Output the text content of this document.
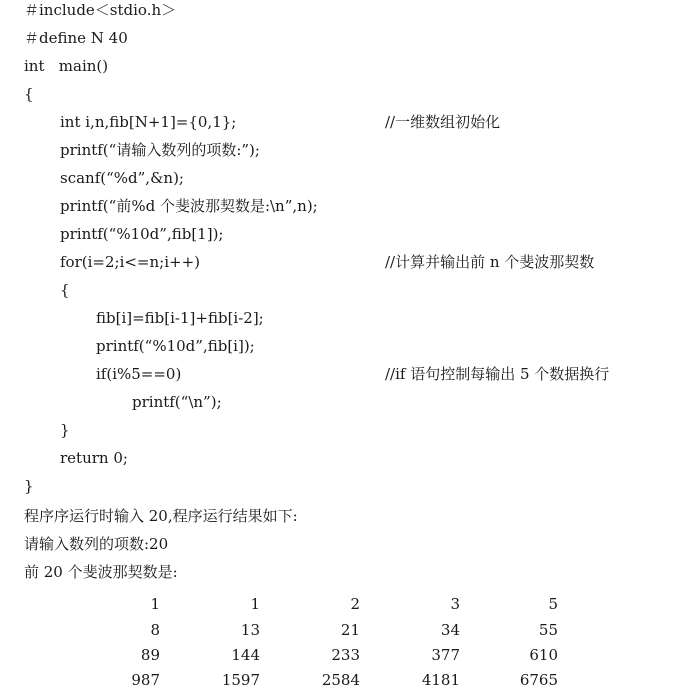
＃include＜stdio.h＞
＃define N 40
int   main()
{
int i,n,fib[N+1]={0,1};	//一维数组初始化
printf(“请输入数列的项数:”);
scanf(“%d”,&n);
printf(“前%d 个斐波那契数是:\n”,n);
printf(“%10d”,fib[1]);
for(i=2;i<=n;i++)	//计算并输出前 n 个斐波那契数
{
fib[i]=fib[i-1]+fib[i-2];
printf(“%10d”,fib[i]);
if(i%5==0)	//if 语句控制每输出 5 个数据换行
printf(“\n”);
}
return 0;
}
程序序运行时输入 20,程序运行结果如下:
请输入数列的项数:20
前 20 个斐波那契数是:
1	1	2	3	5
8	13	21	34	55
89	144	233	377	610
987	1597	2584	4181	6765
